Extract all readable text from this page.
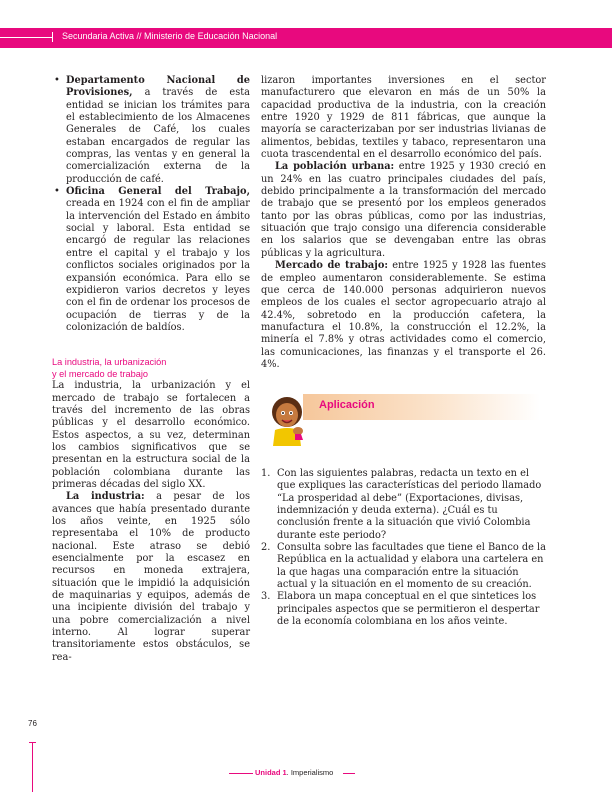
Secundaria Activa // Ministerio de Educación Nacional

• Departamento Nacional de Provisiones, a través de esta entidad se inician los trámites para el establecimiento de los Almacenes Generales de Café, los cuales estaban encargados de regular las compras, las ventas y en general la comercialización externa de la producción de café.

• Oficina General del Trabajo, creada en 1924 con el fin de ampliar la intervención del Estado en ámbito social y laboral. Esta entidad se encargó de regular las relaciones entre el capital y el trabajo y los conflictos sociales originados por la expansión económica. Para ello se expidieron varios decretos y leyes con el fin de ordenar los procesos de ocupación de tierras y de la colonización de baldíos.

La industria, la urbanización
y el mercado de trabajo

La industria, la urbanización y el mercado de trabajo se fortalecen a través del incremento de las obras públicas y el desarrollo económico. Estos aspectos, a su vez, determinan los cambios significativos que se presentan en la estructura social de la población colombiana durante las primeras décadas del siglo XX.

La industria: a pesar de los avances que había presentado durante los años veinte, en 1925 sólo representaba el 10% de producto nacional. Este atraso se debió esencialmente por la escasez en recursos en moneda extrajera, situación que le impidió la adquisición de maquinarias y equipos, además de una incipiente división del trabajo y una pobre comercialización a nivel interno. Al lograr superar transitoriamente estos obstáculos, se rea-

lizaron importantes inversiones en el sector manufacturero que elevaron en más de un 50% la capacidad productiva de la industria, con la creación entre 1920 y 1929 de 811 fábricas, que aunque la mayoría se caracterizaban por ser industrias livianas de alimentos, bebidas, textiles y tabaco, representaron una cuota trascendental en el desarrollo económico del país.

La población urbana: entre 1925 y 1930 creció en un 24% en las cuatro principales ciudades del país, debido principalmente a la transformación del mercado de trabajo que se presentó por los empleos generados tanto por las obras públicas, como por las industrias, situación que trajo consigo una diferencia considerable en los salarios que se devengaban entre las obras públicas y la agricultura.

Mercado de trabajo: entre 1925 y 1928 las fuentes de empleo aumentaron considerablemente. Se estima que cerca de 140.000 personas adquirieron nuevos empleos de los cuales el sector agropecuario atrajo al 42.4%, sobretodo en la producción cafetera, la manufactura el 10.8%, la construcción el 12.2%, la minería el 7.8% y otras actividades como el comercio, las comunicaciones, las finanzas y el transporte el 26. 4%.

Aplicación
1. Con las siguientes palabras, redacta un texto en el que expliques las características del periodo llamado “La prosperidad al debe” (Exportaciones, divisas, indemnización y deuda externa). ¿Cuál es tu conclusión frente a la situación que vivió Colombia durante este periodo?
2. Consulta sobre las facultades que tiene el Banco de la República en la actualidad y elabora una cartelera en la que hagas una comparación entre la situación actual y la situación en el momento de su creación.
3. Elabora un mapa conceptual en el que sintetices los principales aspectos que se permitieron el despertar de la economía colombiana en los años veinte.
76
Unidad 1. Imperialismo
